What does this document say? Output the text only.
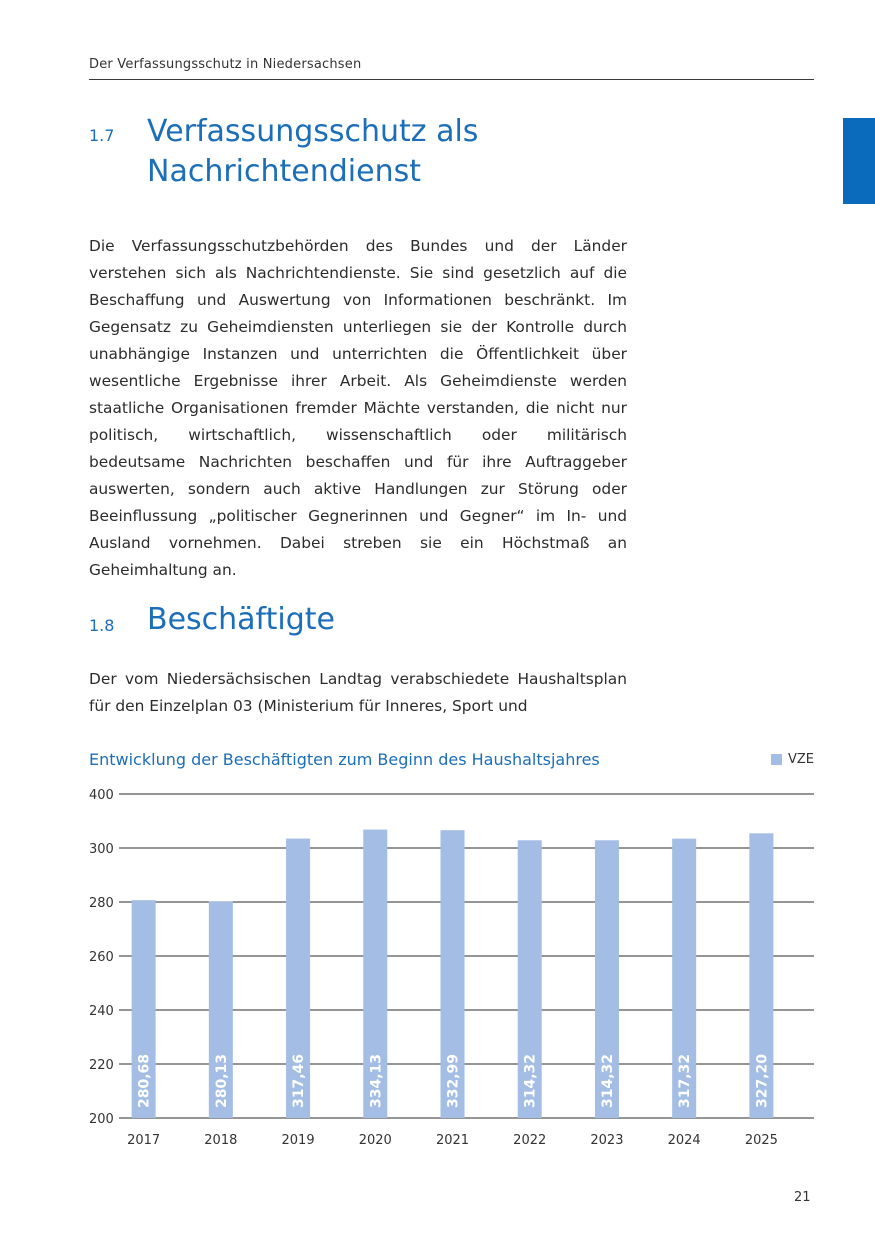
Der Verfassungsschutz in Niedersachsen
1.7 Verfassungsschutz als
Nachrichtendienst

Die Verfassungsschutzbehörden des Bundes und der Länder verstehen sich als Nachrichtendienste. Sie sind gesetzlich auf die Beschaffung und Auswertung von Informationen beschränkt. Im Gegensatz zu Geheimdiensten unterliegen sie der Kontrolle durch unabhängige Instanzen und unterrichten die Öffentlichkeit über wesentliche Ergebnisse ihrer Arbeit. Als Geheimdienste werden staatliche Organisationen fremder Mächte verstanden, die nicht nur politisch, wirtschaftlich, wissenschaftlich oder militärisch bedeutsame Nachrichten beschaffen und für ihre Auftraggeber auswerten, sondern auch aktive Handlungen zur Störung oder Beeinflussung „politischer Gegnerinnen und Gegner“ im In- und Ausland vornehmen. Dabei streben sie ein Höchstmaß an Geheimhaltung an.

1.8 Beschäftigte

Der vom Niedersächsischen Landtag verabschiedete Haushaltsplan für den Einzelplan 03 (Ministerium für Inneres, Sport und

Entwicklung der Beschäftigten zum Beginn des Haushaltsjahres	VZE
200
220
240
260
280
300
400
280,68
2017
280,13
2018
317,46
2019
334,13
2020
332,99
2021
314,32
2022
314,32
2023
317,32
2024
327,20
2025
21
